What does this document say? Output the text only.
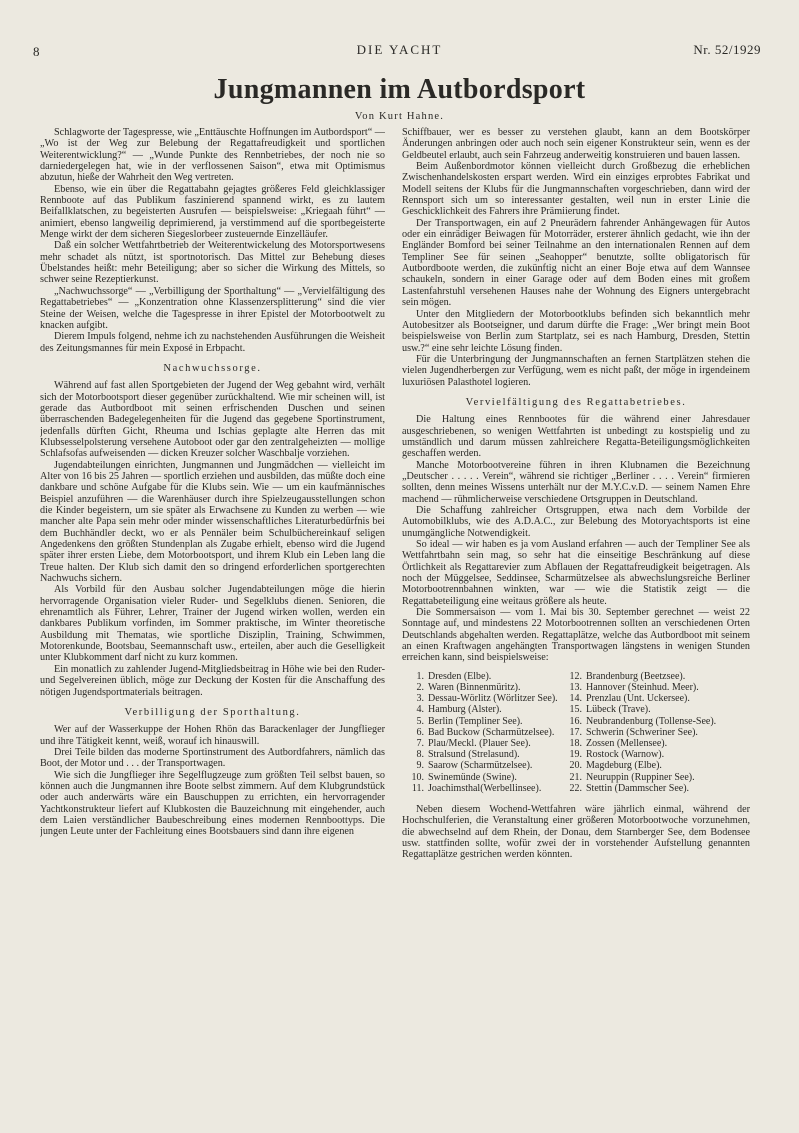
8	DIE YACHT	Nr. 52/1929
Jungmannen im Autbordsport
Von Kurt Hahne.

Schlagworte der Tagespresse, wie „Enttäuschte Hoffnungen im Autbordsport“ — „Wo ist der Weg zur Belebung der Regattafreudigkeit und sportlichen Weiterentwicklung?“ — „Wunde Punkte des Rennbetriebes, der noch nie so darniedergelegen hat, wie in der verflossenen Saison“, etwa mit Optimismus abzutun, hieße der Wahrheit den Weg vertreten.

Ebenso, wie ein über die Regattabahn gejagtes größeres Feld gleichklassiger Rennboote auf das Publikum faszinierend spannend wirkt, es zu lautem Beifallklatschen, zu begeisterten Ausrufen — beispielsweise: „Kriegaah führt“ — animiert, ebenso langweilig deprimierend, ja verstimmend auf die sportbegeisterte Menge wirkt der dem sicheren Siegeslorbeer zusteuernde Einzelläufer.

Daß ein solcher Wettfahrtbetrieb der Weiterentwickelung des Motorsportwesens mehr schadet als nützt, ist sportnotorisch. Das Mittel zur Behebung dieses Übelstandes heißt: mehr Beteiligung; aber so sicher die Wirkung des Mittels, so schwer seine Rezeptierkunst.

„Nachwuchssorge“ — „Verbilligung der Sporthaltung“ — „Vervielfältigung des Regattabetriebes“ — „Konzentration ohne Klassenzersplitterung“ sind die vier Steine der Weisen, welche die Tagespresse in ihrer Epistel der Motorbootwelt zu knacken aufgibt.

Dierem Impuls folgend, nehme ich zu nachstehenden Ausführungen die Weisheit des Zeitungsmannes für mein Exposé in Erbpacht.

Nachwuchssorge.

Während auf fast allen Sportgebieten der Jugend der Weg gebahnt wird, verhält sich der Motorbootsport dieser gegenüber zurückhaltend. Wie mir scheinen will, ist gerade das Autbordboot mit seinen erfrischenden Duschen und seinen überraschenden Badegelegenheiten für die Jugend das gegebene Sportinstrument, jedenfalls dürften Gicht, Rheuma und Ischias geplagte alte Herren das mit Klubsesselpolsterung versehene Autoboot oder gar den zentralgeheizten — mollige Schlafsofas aufweisenden — dicken Kreuzer solcher Waschbalje vorziehen.

Jugendabteilungen einrichten, Jungmannen und Jungmädchen — vielleicht im Alter von 16 bis 25 Jahren — sportlich erziehen und ausbilden, das müßte doch eine dankbare und schöne Aufgabe für die Klubs sein. Wie — um ein kaufmännisches Beispiel anzuführen — die Warenhäuser durch ihre Spielzeugausstellungen schon die Kinder begeistern, um sie später als Erwachsene zu Kunden zu werben — wie mancher alte Papa sein mehr oder minder wissenschaftliches Literaturbedürfnis bei dem Buchhändler deckt, wo er als Pennäler beim Schulbüchereinkauf seligen Angedenkens den größten Stundenplan als Zugabe erhielt, ebenso wird die Jugend später ihrer ersten Liebe, dem Motorbootsport, und ihrem Klub ein Leben lang die Treue halten. Der Klub sich damit den so dringend erforderlichen sportgerechten Nachwuchs sichern.

Als Vorbild für den Ausbau solcher Jugendabteilungen möge die hierin hervorragende Organisation vieler Ruder- und Segelklubs dienen. Senioren, die ehrenamtlich als Führer, Lehrer, Trainer der Jugend wirken wollen, werden ein dankbares Publikum vorfinden, im Sommer praktische, im Winter theoretische Ausbildung mit Thematas, wie sportliche Disziplin, Training, Schwimmen, Motorenkunde, Bootsbau, Seemannschaft usw., erteilen, aber auch die Geselligkeit unter Klubkomment darf nicht zu kurz kommen.

Ein monatlich zu zahlender Jugend-Mitgliedsbeitrag in Höhe wie bei den Ruder- und Segelvereinen üblich, möge zur Deckung der Kosten für die Anschaffung des nötigen Jugendsportmaterials beitragen.

Verbilligung der Sporthaltung.

Wer auf der Wasserkuppe der Hohen Rhön das Barackenlager der Jungflieger und ihre Tätigkeit kennt, weiß, worauf ich hinauswill.

Drei Teile bilden das moderne Sportinstrument des Autbordfahrers, nämlich das Boot, der Motor und . . . der Transportwagen.

Wie sich die Jungflieger ihre Segelflugzeuge zum größten Teil selbst bauen, so können auch die Jungmannen ihre Boote selbst zimmern. Auf dem Klubgrundstück oder auch anderwärts wäre ein Bauschuppen zu errichten, ein hervorragender Yachtkonstrukteur liefert auf Klubkosten die Bauzeichnung mit eingehender, auch dem Laien verständlicher Baubeschreibung eines modernen Rennboottyps. Die jungen Leute unter der Fachleitung eines Bootsbauers sind dann ihre eigenen

Schiffbauer, wer es besser zu verstehen glaubt, kann an dem Bootskörper Änderungen anbringen oder auch noch sein eigener Konstrukteur sein, wenn es der Geldbeutel erlaubt, auch sein Fahrzeug anderweitig konstruieren und bauen lassen.

Beim Außenbordmotor können vielleicht durch Großbezug die erheblichen Zwischenhandelskosten erspart werden. Wird ein einziges erprobtes Fabrikat und Modell seitens der Klubs für die Jungmannschaften vorgeschrieben, dann wird der Rennsport sich um so interessanter gestalten, weil nun in erster Linie die Geschicklichkeit des Fahrers ihre Prämiierung findet.

Der Transportwagen, ein auf 2 Pneurädern fahrender Anhängewagen für Autos oder ein einrädiger Beiwagen für Motorräder, ersterer ähnlich gedacht, wie ihn der Engländer Bomford bei seiner Teilnahme an den internationalen Rennen auf dem Templiner See für seinen „Seahopper“ benutzte, sollte obligatorisch für Autbordboote werden, die zukünftig nicht an einer Boje etwa auf dem Wannsee schaukeln, sondern in einer Garage oder auf dem Boden eines mit großem Lastenfahrstuhl versehenen Hauses nahe der Wohnung des Eigners untergebracht sein mögen.

Unter den Mitgliedern der Motorbootklubs befinden sich bekanntlich mehr Autobesitzer als Bootseigner, und darum dürfte die Frage: „Wer bringt mein Boot beispielsweise von Berlin zum Startplatz, sei es nach Hamburg, Dresden, Stettin usw.?“ eine sehr leichte Lösung finden.

Für die Unterbringung der Jungmannschaften an fernen Startplätzen stehen die vielen Jugendherbergen zur Verfügung, wem es nicht paßt, der möge in irgendeinem luxuriösen Palasthotel logieren.

Vervielfältigung des Regattabetriebes.

Die Haltung eines Rennbootes für die während einer Jahresdauer ausgeschriebenen, so wenigen Wettfahrten ist unbedingt zu kostspielig und zu umständlich und darum müssen zahlreichere Regatta-Beteiligungsmöglichkeiten geschaffen werden.

Manche Motorbootvereine führen in ihren Klubnamen die Bezeichnung „Deutscher . . . . . Verein“, während sie richtiger „Berliner . . . . Verein“ firmieren sollten, denn meines Wissens unterhält nur der M.Y.C.v.D. — seinem Namen Ehre machend — rühmlicherweise verschiedene Ortsgruppen in Deutschland.

Die Schaffung zahlreicher Ortsgruppen, etwa nach dem Vorbilde der Automobilklubs, wie des A.D.A.C., zur Belebung des Motoryachtsports ist eine unumgängliche Notwendigkeit.

So ideal — wir haben es ja vom Ausland erfahren — auch der Templiner See als Wettfahrtbahn sein mag, so sehr hat die einseitige Beschränkung auf diese Örtlichkeit als Regattarevier zum Abflauen der Regattafreudigkeit beigetragen. Als noch der Müggelsee, Seddinsee, Scharmützelsee als abwechslungsreiche Berliner Motorbootrennbahnen winkten, war — wie die Statistik zeigt — die Regattabeteiligung eine weitaus größere als heute.

Die Sommersaison — vom 1. Mai bis 30. September gerechnet — weist 22 Sonntage auf, und mindestens 22 Motorbootrennen sollten an verschiedenen Orten Deutschlands abgehalten werden. Regattaplätze, welche das Autbordboot mit seinem an einen Kraftwagen angehängten Transportwagen längstens in wenigen Stunden erreichen kann, sind beispielsweise:

1. Dresden (Elbe).
2. Waren (Binnenmüritz).
3. Dessau-Wörlitz (Wörlitzer See).
4. Hamburg (Alster).
5. Berlin (Templiner See).
6. Bad Buckow (Scharmützelsee).
7. Plau/Meckl. (Plauer See).
8. Stralsund (Strelasund).
9. Saarow (Scharmützelsee).
10. Swinemünde (Swine).
11. Joachimsthal(Werbellinsee).
12. Brandenburg (Beetzsee).
13. Hannover (Steinhud. Meer).
14. Prenzlau (Unt. Uckersee).
15. Lübeck (Trave).
16. Neubrandenburg (Tollense-See).
17. Schwerin (Schweriner See).
18. Zossen (Mellensee).
19. Rostock (Warnow).
20. Magdeburg (Elbe).
21. Neuruppin (Ruppiner See).
22. Stettin (Dammscher See).

Neben diesem Wochend-Wettfahren wäre jährlich einmal, während der Hochschulferien, die Veranstaltung einer größeren Motorbootwoche vorzunehmen, die abwechselnd auf dem Rhein, der Donau, dem Starnberger See, dem Bodensee usw. stattfinden sollte, wofür zwei der in vorstehender Aufstellung genannten Regattaplätze gestrichen werden könnten.
